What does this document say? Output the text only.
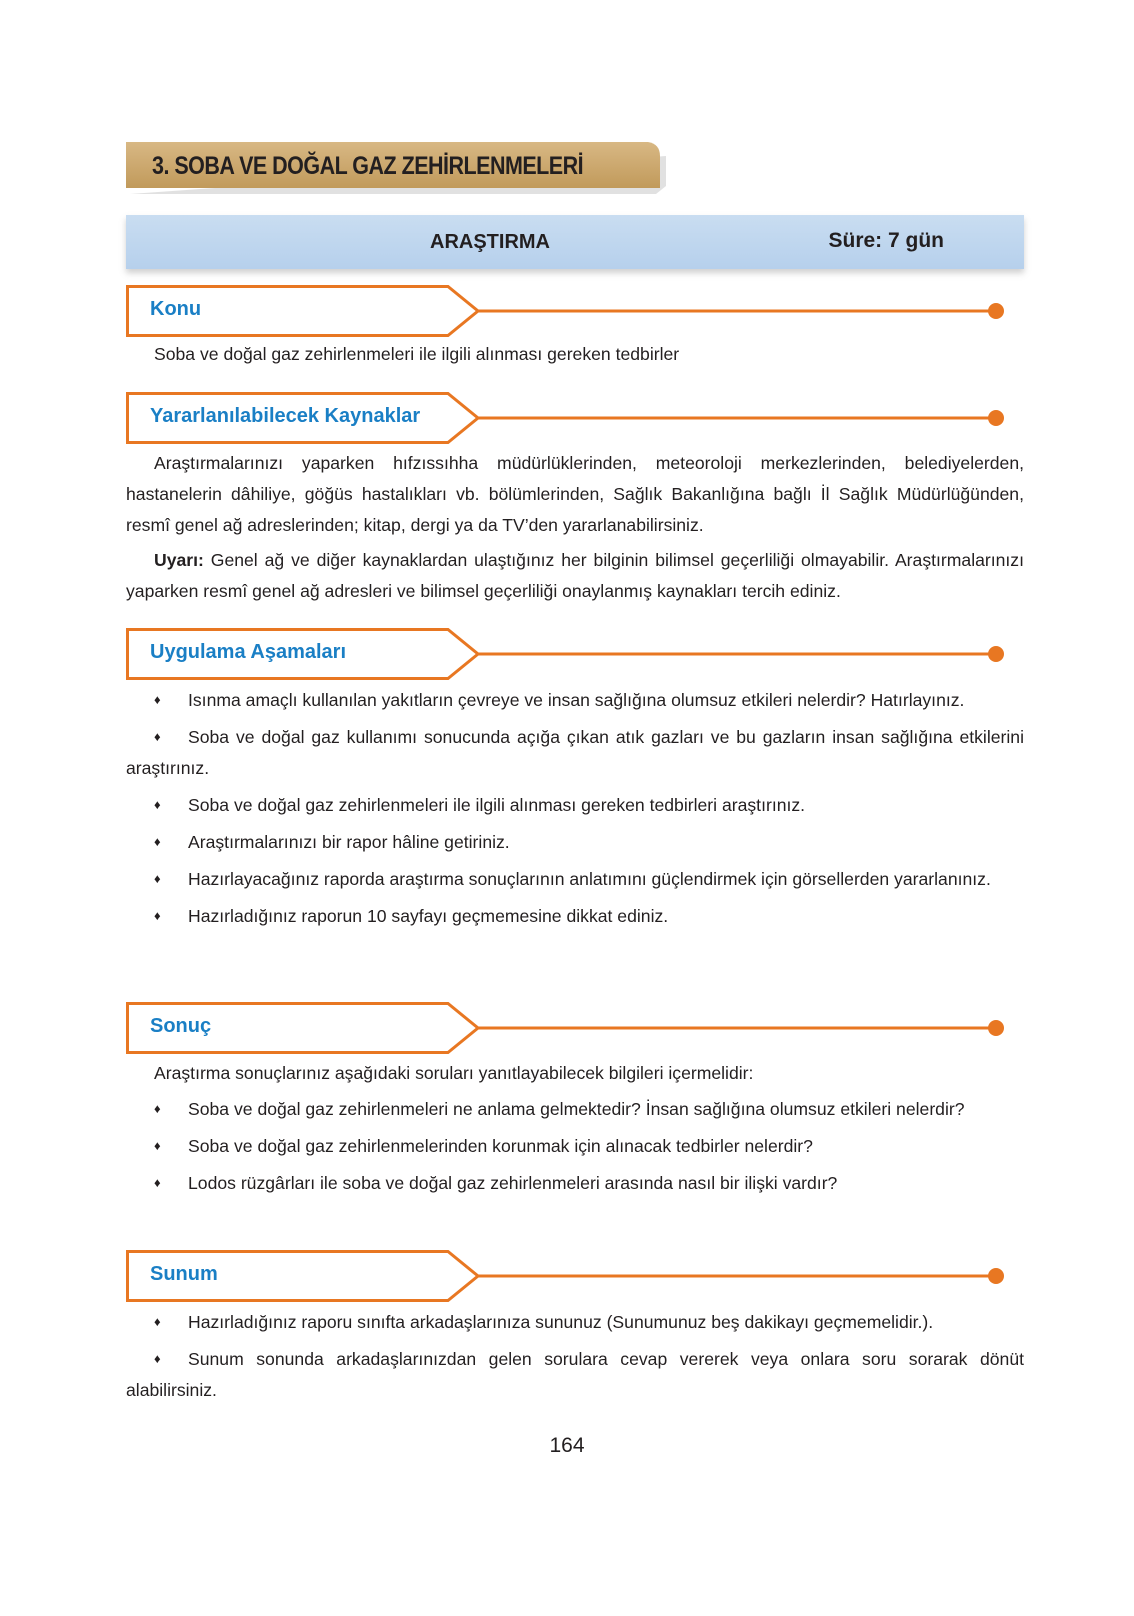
3. SOBA VE DOĞAL GAZ ZEHİRLENMELERİ
ARAŞTIRMA	Süre: 7 gün
Konu

Soba ve doğal gaz zehirlenmeleri ile ilgili alınması gereken tedbirler

Yararlanılabilecek Kaynaklar

Araştırmalarınızı yaparken hıfzıssıhha müdürlüklerinden, meteoroloji merkezlerinden, belediyelerden, hastanelerin dâhiliye, göğüs hastalıkları vb. bölümlerinden, Sağlık Bakanlığına bağlı İl Sağlık Müdürlüğünden, resmî genel ağ adreslerinden; kitap, dergi ya da TV’den yararlanabilirsiniz.

Uyarı: Genel ağ ve diğer kaynaklardan ulaştığınız her bilginin bilimsel geçerliliği olmayabilir. Araştırmalarınızı yaparken resmî genel ağ adresleri ve bilimsel geçerliliği onaylanmış kaynakları tercih ediniz.

Uygulama Aşamaları

♦ Isınma amaçlı kullanılan yakıtların çevreye ve insan sağlığına olumsuz etkileri nelerdir? Hatırlayınız.

♦ Soba ve doğal gaz kullanımı sonucunda açığa çıkan atık gazları ve bu gazların insan sağlığına etkilerini araştırınız.

♦ Soba ve doğal gaz zehirlenmeleri ile ilgili alınması gereken tedbirleri araştırınız.

♦ Araştırmalarınızı bir rapor hâline getiriniz.

♦ Hazırlayacağınız raporda araştırma sonuçlarının anlatımını güçlendirmek için görsellerden yararlanınız.

♦ Hazırladığınız raporun 10 sayfayı geçmemesine dikkat ediniz.

Sonuç

Araştırma sonuçlarınız aşağıdaki soruları yanıtlayabilecek bilgileri içermelidir:

♦ Soba ve doğal gaz zehirlenmeleri ne anlama gelmektedir? İnsan sağlığına olumsuz etkileri nelerdir?

♦ Soba ve doğal gaz zehirlenmelerinden korunmak için alınacak tedbirler nelerdir?

♦ Lodos rüzgârları ile soba ve doğal gaz zehirlenmeleri arasında nasıl bir ilişki vardır?

Sunum

♦ Hazırladığınız raporu sınıfta arkadaşlarınıza sununuz (Sunumunuz beş dakikayı geçmemelidir.).

♦ Sunum sonunda arkadaşlarınızdan gelen sorulara cevap vererek veya onlara soru sorarak dönüt alabilirsiniz.

164
